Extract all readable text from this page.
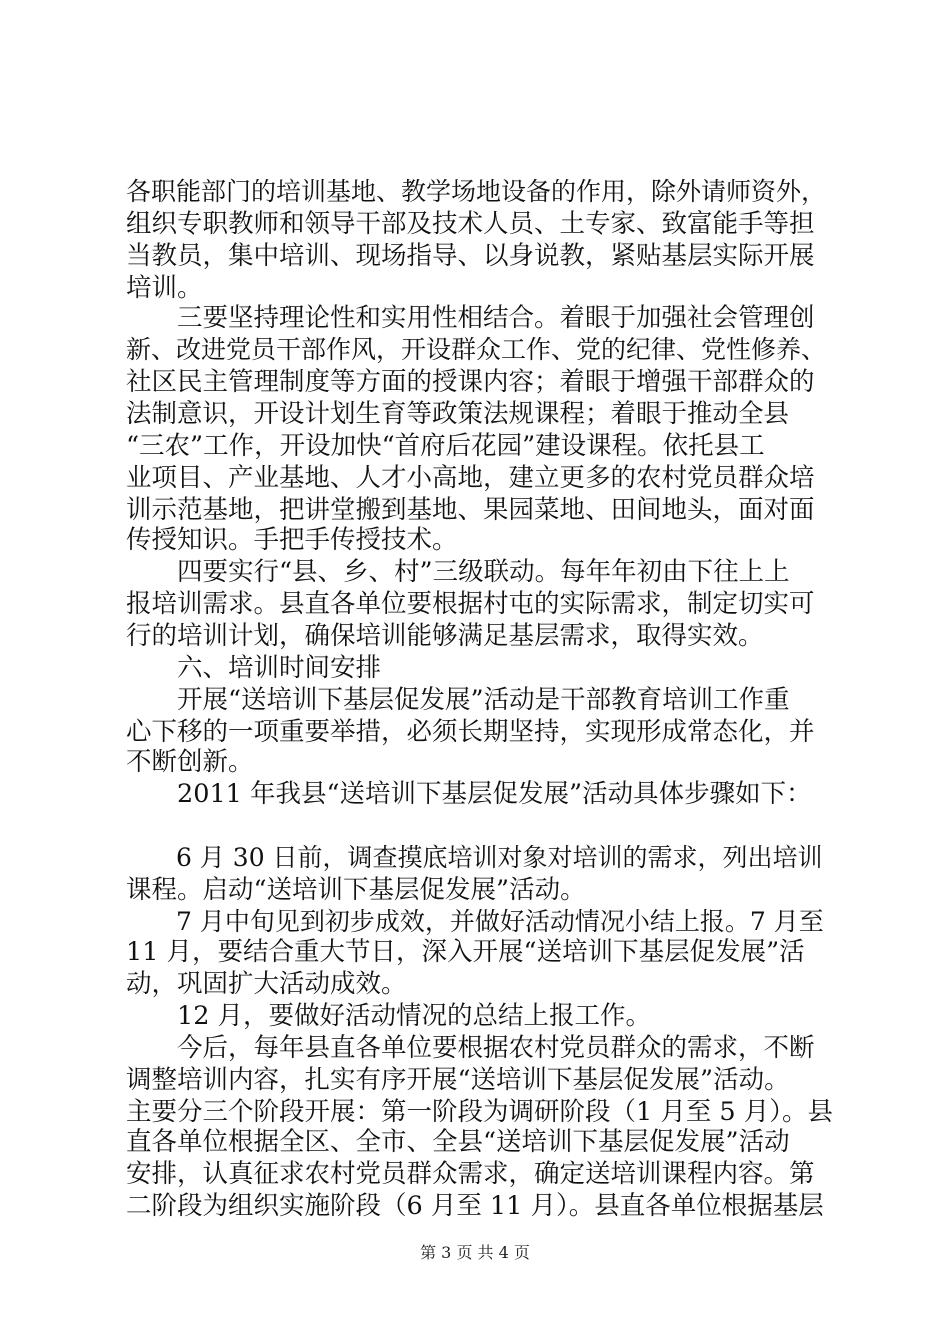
各职能部门的培训基地、教学场地设备的作用，除外请师资外，
组织专职教师和领导干部及技术人员、土专家、致富能手等担
当教员，集中培训、现场指导、以身说教，紧贴基层实际开展
培训。
　　三要坚持理论性和实用性相结合。着眼于加强社会管理创
新、改进党员干部作风，开设群众工作、党的纪律、党性修养、
社区民主管理制度等方面的授课内容；着眼于增强干部群众的
法制意识，开设计划生育等政策法规课程；着眼于推动全县
“三农”工作，开设加快“首府后花园”建设课程。依托县工
业项目、产业基地、人才小高地，建立更多的农村党员群众培
训示范基地，把讲堂搬到基地、果园菜地、田间地头，面对面
传授知识。手把手传授技术。
　　四要实行“县、乡、村”三级联动。每年年初由下往上上
报培训需求。县直各单位要根据村屯的实际需求，制定切实可
行的培训计划，确保培训能够满足基层需求，取得实效。
　　六、培训时间安排
　　开展“送培训下基层促发展”活动是干部教育培训工作重
心下移的一项重要举措，必须长期坚持，实现形成常态化，并
不断创新。
　　2011 年我县“送培训下基层促发展”活动具体步骤如下：
　　6 月 30 日前，调查摸底培训对象对培训的需求，列出培训
课程。启动“送培训下基层促发展”活动。
　　7 月中旬见到初步成效，并做好活动情况小结上报。7 月至
11 月，要结合重大节日，深入开展“送培训下基层促发展”活
动，巩固扩大活动成效。
　　12 月，要做好活动情况的总结上报工作。
　　今后，每年县直各单位要根据农村党员群众的需求，不断
调整培训内容，扎实有序开展“送培训下基层促发展”活动。
主要分三个阶段开展：第一阶段为调研阶段（1 月至 5 月）。县
直各单位根据全区、全市、全县“送培训下基层促发展”活动
安排，认真征求农村党员群众需求，确定送培训课程内容。第
二阶段为组织实施阶段（6 月至 11 月）。县直各单位根据基层
第 3 页 共 4 页
